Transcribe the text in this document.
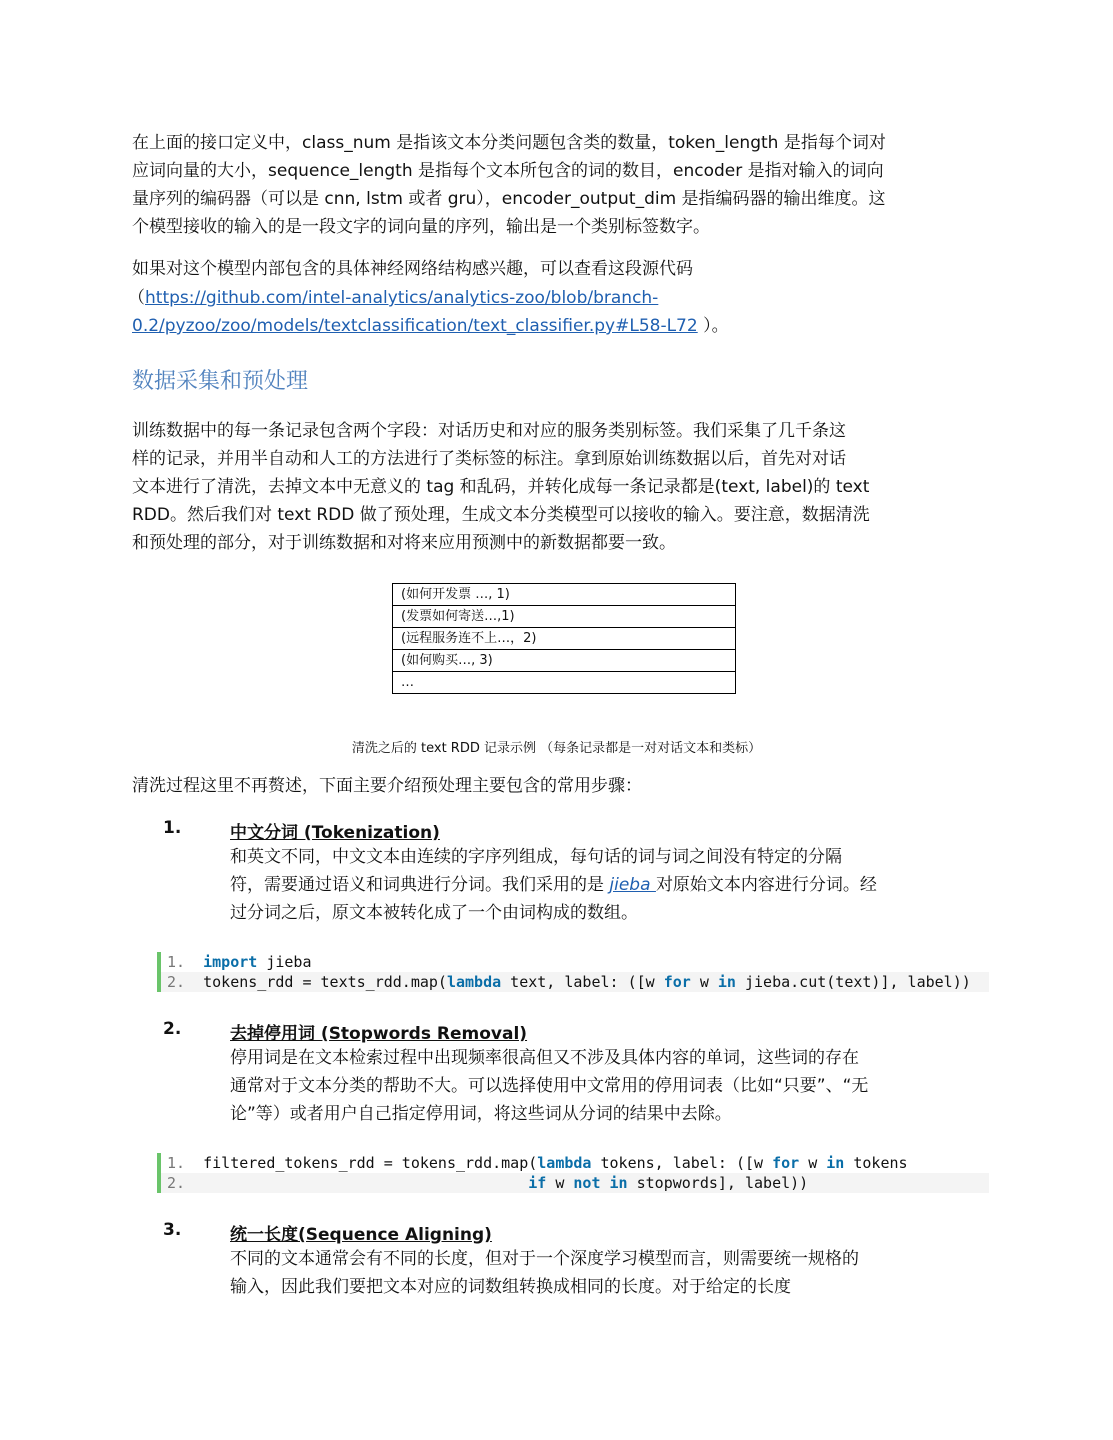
在上面的接口定义中，class_num 是指该文本分类问题包含类的数量，token_length 是指每个词对
应词向量的大小，sequence_length 是指每个文本所包含的词的数目，encoder 是指对输入的词向
量序列的编码器（可以是 cnn, lstm 或者 gru），encoder_output_dim 是指编码器的输出维度。这
个模型接收的输入的是一段文字的词向量的序列，输出是一个类别标签数字。
如果对这个模型内部包含的具体神经网络结构感兴趣，可以查看这段源代码
（https://github.com/intel-analytics/analytics-zoo/blob/branch-
0.2/pyzoo/zoo/models/textclassification/text_classifier.py#L58-L72 ）。
数据采集和预处理
训练数据中的每一条记录包含两个字段：对话历史和对应的服务类别标签。我们采集了几千条这
样的记录，并用半自动和人工的方法进行了类标签的标注。拿到原始训练数据以后，首先对对话
文本进行了清洗，去掉文本中无意义的 tag 和乱码，并转化成每一条记录都是(text, label)的 text
RDD。然后我们对 text RDD 做了预处理，生成文本分类模型可以接收的输入。要注意，数据清洗
和预处理的部分，对于训练数据和对将来应用预测中的新数据都要一致。
(如何开发票 …, 1)
(发票如何寄送…,1)
(远程服务连不上…，2)
(如何购买…, 3)
…
清洗之后的 text RDD 记录示例 （每条记录都是一对对话文本和类标）
清洗过程这里不再赘述，下面主要介绍预处理主要包含的常用步骤：
1.	中文分词 (Tokenization)
和英文不同，中文文本由连续的字序列组成，每句话的词与词之间没有特定的分隔
符，需要通过语义和词典进行分词。我们采用的是 jieba 对原始文本内容进行分词。经
过分词之后，原文本被转化成了一个由词构成的数组。
1.  import jieba
2.  tokens_rdd = texts_rdd.map(lambda text, label: ([w for w in jieba.cut(text)], label))
2.	去掉停用词 (Stopwords Removal)
停用词是在文本检索过程中出现频率很高但又不涉及具体内容的单词，这些词的存在
通常对于文本分类的帮助不大。可以选择使用中文常用的停用词表（比如“只要”、“无
论”等）或者用户自己指定停用词，将这些词从分词的结果中去除。
1.  filtered_tokens_rdd = tokens_rdd.map(lambda tokens, label: ([w for w in tokens
2.	if w not in stopwords], label))
3.	统一长度(Sequence Aligning)
不同的文本通常会有不同的长度，但对于一个深度学习模型而言，则需要统一规格的
输入，因此我们要把文本对应的词数组转换成相同的长度。对于给定的长度
